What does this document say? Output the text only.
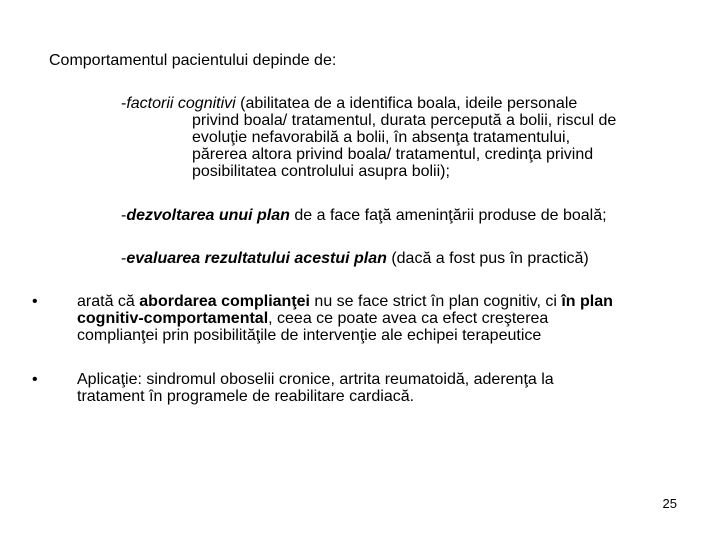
Comportamentul pacientului depinde de:
-factorii cognitivi (abilitatea de a identifica boala, ideile personale
privind boala/ tratamentul, durata percepută a bolii, riscul de
evoluţie nefavorabilă a bolii, în absenţa tratamentului,
părerea altora privind boala/ tratamentul, credinţa privind
posibilitatea controlului asupra bolii);
-dezvoltarea unui plan de a face faţă ameninţării produse de boală;
-evaluarea rezultatului acestui plan (dacă a fost pus în practică)
•	arată că abordarea complianţei nu se face strict în plan cognitiv, ci în plan
cognitiv-comportamental, ceea ce poate avea ca efect creşterea
complianţei prin posibilităţile de intervenţie ale echipei terapeutice
•	Aplicaţie: sindromul oboselii cronice, artrita reumatoidă, aderenţa la
tratament în programele de reabilitare cardiacă.
25
